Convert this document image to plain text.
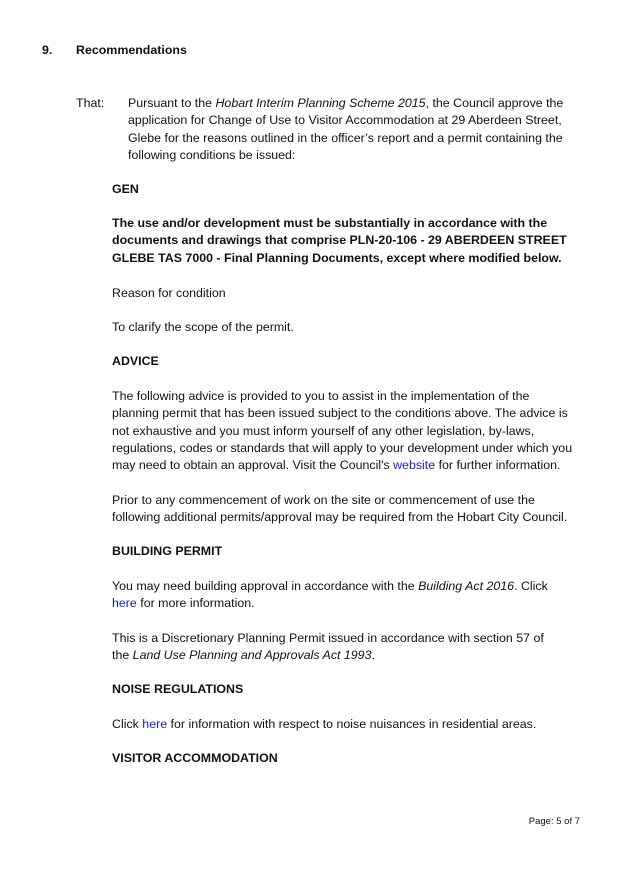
9. Recommendations
That: Pursuant to the Hobart Interim Planning Scheme 2015, the Council approve the application for Change of Use to Visitor Accommodation at 29 Aberdeen Street, Glebe for the reasons outlined in the officer’s report and a permit containing the following conditions be issued:

GEN

The use and/or development must be substantially in accordance with the documents and drawings that comprise PLN-20-106 - 29 ABERDEEN STREET GLEBE TAS 7000 - Final Planning Documents, except where modified below.

Reason for condition
To clarify the scope of the permit.
ADVICE

The following advice is provided to you to assist in the implementation of the planning permit that has been issued subject to the conditions above. The advice is not exhaustive and you must inform yourself of any other legislation, by-laws, regulations, codes or standards that will apply to your development under which you may need to obtain an approval. Visit the Council's website for further information.

Prior to any commencement of work on the site or commencement of use the following additional permits/approval may be required from the Hobart City Council.

BUILDING PERMIT

You may need building approval in accordance with the Building Act 2016. Click here for more information.

This is a Discretionary Planning Permit issued in accordance with section 57 of the Land Use Planning and Approvals Act 1993.

NOISE REGULATIONS

Click here for information with respect to noise nuisances in residential areas.

VISITOR ACCOMMODATION
Page: 5 of 7
